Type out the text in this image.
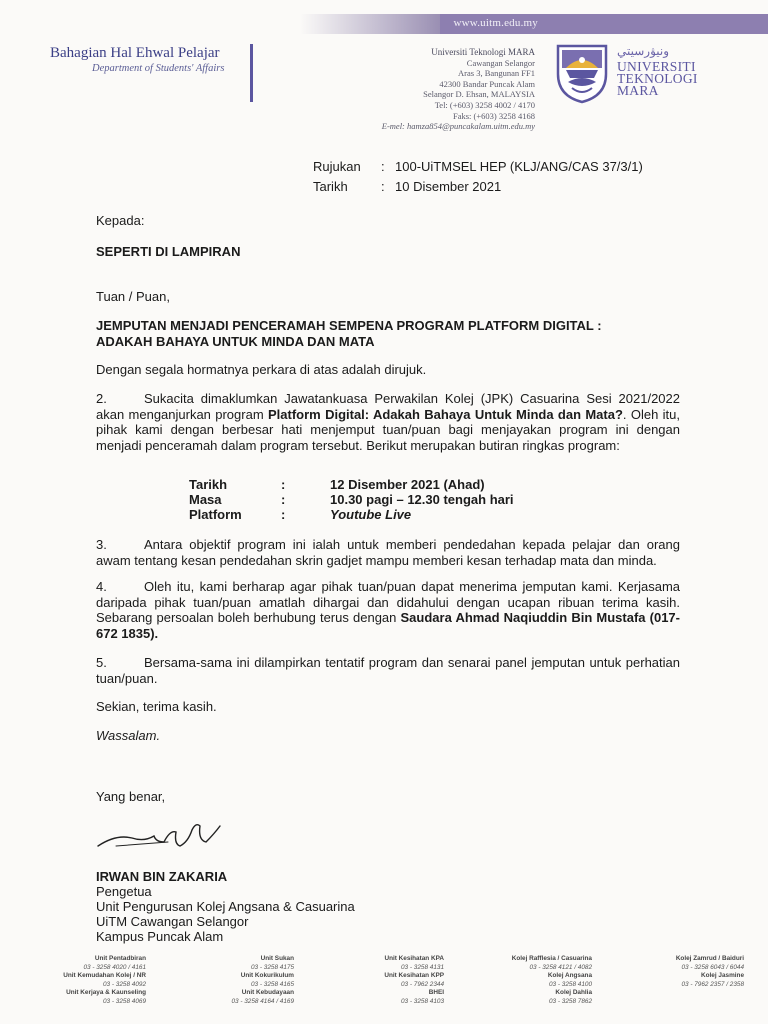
www.uitm.edu.my
Bahagian Hal Ehwal Pelajar
Department of Students' Affairs
Universiti Teknologi MARA
Cawangan Selangor
Aras 3, Bangunan FF1
42300 Bandar Puncak Alam
Selangor D. Ehsan, MALAYSIA
Tel: (+603) 3258 4002 / 4170
Faks: (+603) 3258 4168
E-mel: hamza854@puncakalam.uitm.edu.my
ﻭﻧﻴﯟﺭﺳﻴﺘﻲ
UNIVERSITI
TEKNOLOGI
MARA
Rujukan	: 100-UiTMSEL HEP (KLJ/ANG/CAS 37/3/1)
Tarikh	: 10 Disember 2021
Kepada:
SEPERTI DI LAMPIRAN
Tuan / Puan,
JEMPUTAN MENJADI PENCERAMAH SEMPENA PROGRAM PLATFORM DIGITAL :
ADAKAH BAHAYA UNTUK MINDA DAN MATA
Dengan segala hormatnya perkara di atas adalah dirujuk.
2.	Sukacita dimaklumkan Jawatankuasa Perwakilan Kolej (JPK) Casuarina Sesi 2021/2022 akan menganjurkan program Platform Digital: Adakah Bahaya Untuk Minda dan Mata?. Oleh itu, pihak kami dengan berbesar hati menjemput tuan/puan bagi menjayakan program ini dengan menjadi penceramah dalam program tersebut. Berikut merupakan butiran ringkas program:
Tarikh	:	12 Disember 2021 (Ahad)
Masa	:	10.30 pagi – 12.30 tengah hari
Platform	:	Youtube Live
3.	Antara objektif program ini ialah untuk memberi pendedahan kepada pelajar dan orang awam tentang kesan pendedahan skrin gadjet mampu memberi kesan terhadap mata dan minda.
4.	Oleh itu, kami berharap agar pihak tuan/puan dapat menerima jemputan kami. Kerjasama daripada pihak tuan/puan amatlah dihargai dan didahului dengan ucapan ribuan terima kasih. Sebarang persoalan boleh berhubung terus dengan Saudara Ahmad Naqiuddin Bin Mustafa (017-672 1835).
5.	Bersama-sama ini dilampirkan tentatif program dan senarai panel jemputan untuk perhatian tuan/puan.
Sekian, terima kasih.
Wassalam.
Yang benar,
IRWAN BIN ZAKARIA
Pengetua
Unit Pengurusan Kolej Angsana & Casuarina
UiTM Cawangan Selangor
Kampus Puncak Alam
Unit Pentadbiran
03 - 3258 4020 / 4161
Unit Kemudahan Kolej / NR
03 - 3258 4092
Unit Kerjaya & Kaunseling
03 - 3258 4069
Unit Sukan
03 - 3258 4175
Unit Kokurikulum
03 - 3258 4165
Unit Kebudayaan
03 - 3258 4164 / 4169
Unit Kesihatan KPA
03 - 3258 4131
Unit Kesihatan KPP
03 - 7962 2344
BHEI
03 - 3258 4103
Kolej Rafflesia / Casuarina
03 - 3258 4121 / 4082
Kolej Angsana
03 - 3258 4100
Kolej Dahlia
03 - 3258 7862
Kolej Zamrud / Baiduri
03 - 3258 6043 / 6044
Kolej Jasmine
03 - 7962 2357 / 2358
